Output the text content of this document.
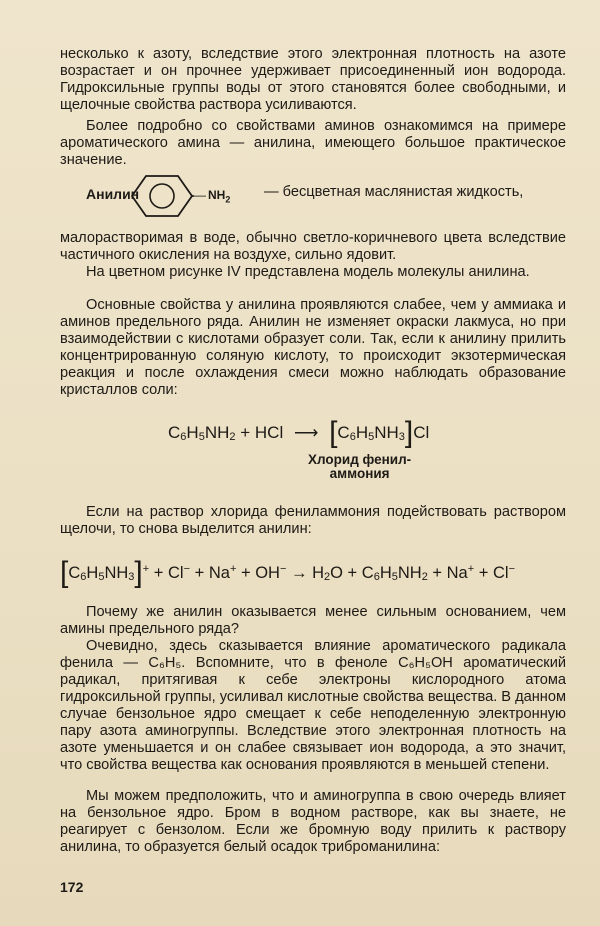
несколько к азоту, вследствие этого электронная плотность на азоте возрастает и он прочнее удерживает присоединенный ион водорода. Гидроксильные группы воды от этого становятся более свободными, и щелочные свойства раствора усиливаются.

Более подробно со свойствами аминов ознакомимся на примере ароматического амина — анилина, имеющего большое практическое значение.

Анилин	— $NH_2$ — бесцветная маслянистая жидкость,

малорастворимая в воде, обычно светло-коричневого цвета вследствие частичного окисления на воздухе, сильно ядовит.

На цветном рисунке IV представлена модель молекулы анилина.

Основные свойства у анилина проявляются слабее, чем у аммиака и аминов предельного ряда. Анилин не изменяет окраски лакмуса, но при взаимодействии с кислотами образует соли. Так, если к анилину прилить концентрированную соляную кислоту, то происходит экзотермическая реакция и после охлаждения смеси можно наблюдать образование кристаллов соли:

$C_6H_5NH_2$ + HCl ⟶ $[C_6H_5NH_3]Cl$
Хлорид фенил-
аммония

Если на раствор хлорида фениламмония подействовать раствором щелочи, то снова выделится анилин:

$[C_6H_5NH_3]^+ + Cl^- + Na^+ + OH^- \to H_2O + C_6H_5NH_2 + Na^+ + Cl^-$

Почему же анилин оказывается менее сильным основанием, чем амины предельного ряда?

Очевидно, здесь сказывается влияние ароматического радикала фенила — C₆H₅. Вспомните, что в феноле C₆H₅OH ароматический радикал, притягивая к себе электроны кислородного атома гидроксильной группы, усиливал кислотные свойства вещества. В данном случае бензольное ядро смещает к себе неподеленную электронную пару азота аминогруппы. Вследствие этого электронная плотность на азоте уменьшается и он слабее связывает ион водорода, а это значит, что свойства вещества как основания проявляются в меньшей степени.

Мы можем предположить, что и аминогруппа в свою очередь влияет на бензольное ядро. Бром в водном растворе, как вы знаете, не реагирует с бензолом. Если же бромную воду прилить к раствору анилина, то образуется белый осадок триброманилина:

172
